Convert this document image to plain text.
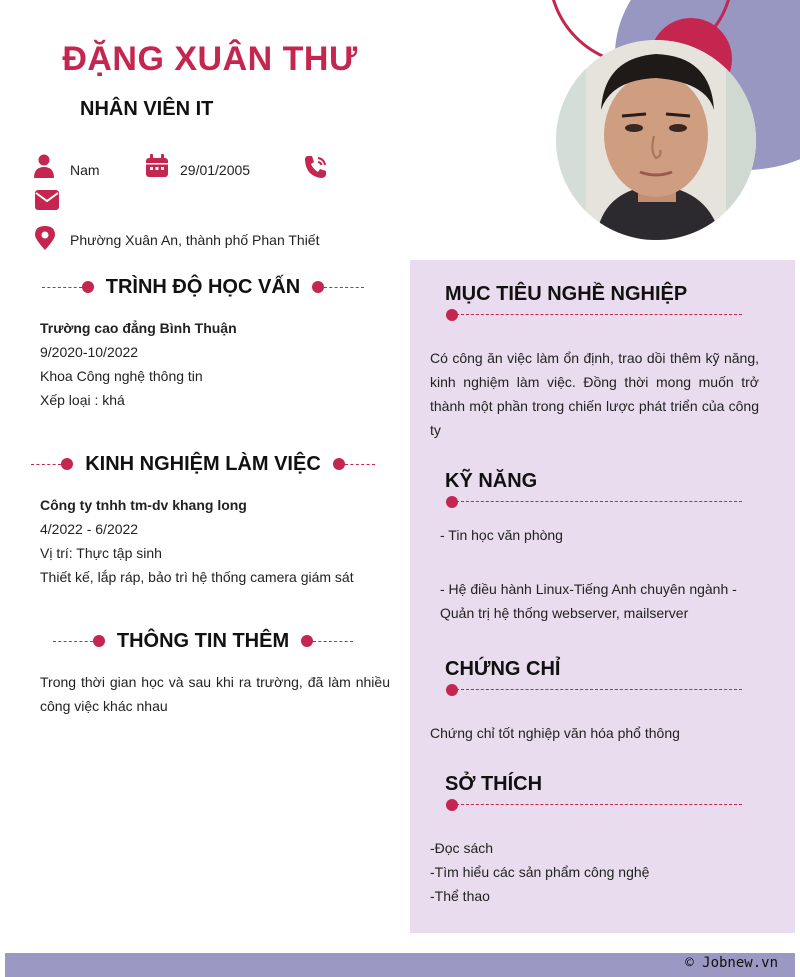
ĐẶNG XUÂN THƯ
NHÂN VIÊN IT
Nam	29/01/2005
Phường Xuân An, thành phố Phan Thiết
TRÌNH ĐỘ HỌC VẤN
Trường cao đẳng Bình Thuận
9/2020-10/2022
Khoa Công nghệ thông tin
Xếp loại : khá
KINH NGHIỆM LÀM VIỆC
Công ty tnhh tm-dv khang long
4/2022 - 6/2022
Vị trí: Thực tập sinh
Thiết kế, lắp ráp, bảo trì hệ thống camera giám sát
THÔNG TIN THÊM
Trong thời gian học và sau khi ra trường, đã làm nhiều công việc khác nhau
MỤC TIÊU NGHỀ NGHIỆP
Có công ăn việc làm ổn định, trao dồi thêm kỹ năng, kinh nghiệm làm việc. Đồng thời mong muốn trở thành một phần trong chiến lược phát triển của công ty
KỸ NĂNG
- Tin học văn phòng
- Hệ điều hành Linux-Tiếng Anh chuyên ngành - Quản trị hệ thống webserver, mailserver
CHỨNG CHỈ
Chứng chỉ tốt nghiệp văn hóa phổ thông
SỞ THÍCH
-Đọc sách
-Tìm hiểu các sản phẩm công nghệ
-Thể thao
© Jobnew.vn
